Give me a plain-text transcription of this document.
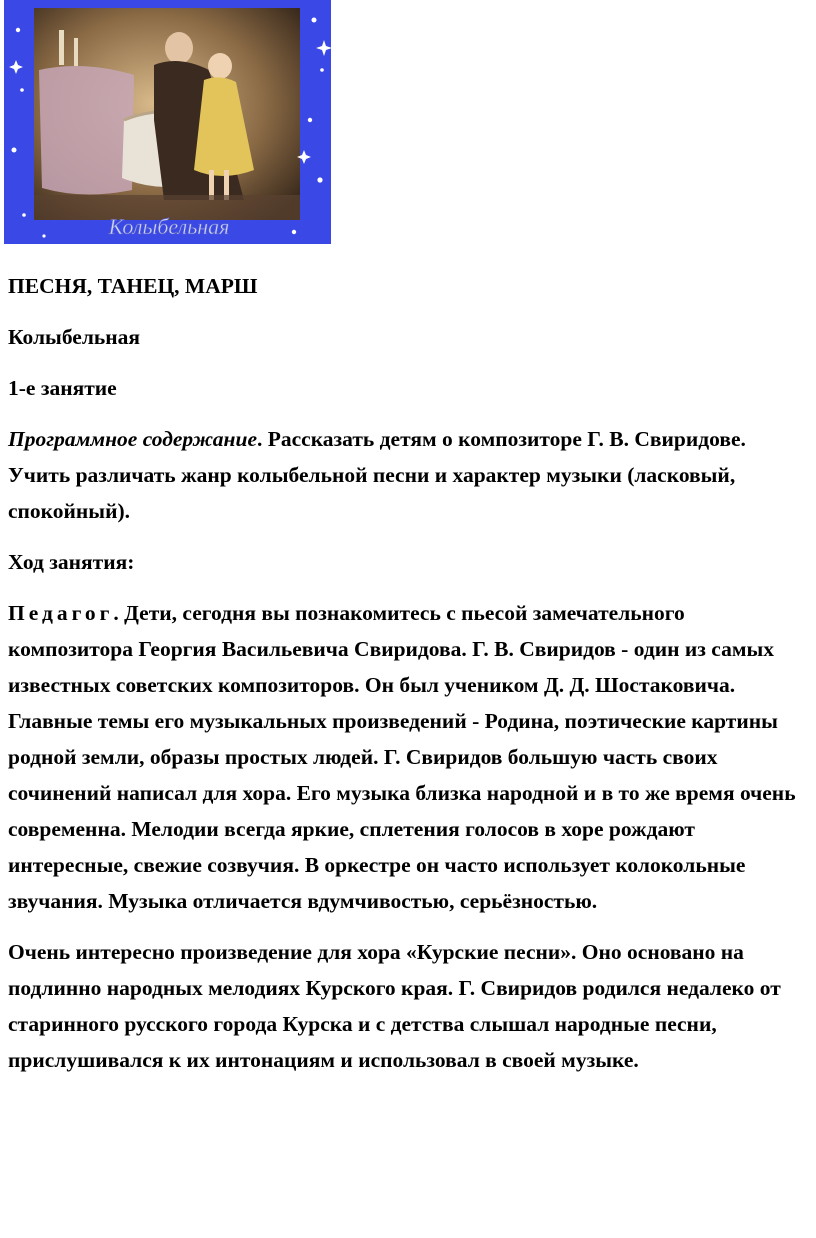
Колыбельная

ПЕСНЯ, ТАНЕЦ, МАРШ

Колыбельная

1-е занятие

Программное содержание. Рассказать детям о композиторе Г. В. Свиридове. Учить различать жанр колыбельной песни и характер музыки (ласковый, спокойный).

Ход занятия:

Педагог. Дети, сегодня вы познакомитесь с пьесой замечательного композитора Георгия Васильевича Свиридова. Г. В. Свиридов - один из самых известных советских композиторов. Он был учеником Д. Д. Шостаковича. Главные темы его музыкальных произведений - Родина, поэтические картины родной земли, образы простых людей. Г. Свиридов большую часть своих сочинений написал для хора. Его музыка близка народной и в то же время очень современна. Мелодии всегда яркие, сплетения голосов в хоре рождают интересные, свежие созвучия. В оркестре он часто использует колокольные звучания. Музыка отличается вдумчивостью, серьёзностью.

Очень интересно произведение для хора «Курские песни». Оно основано на подлинно народных мелодиях Курского края. Г. Свиридов родился недалеко от старинного русского города Курска и с детства слышал народные песни, прислушивался к их интонациям и использовал в своей музыке.
